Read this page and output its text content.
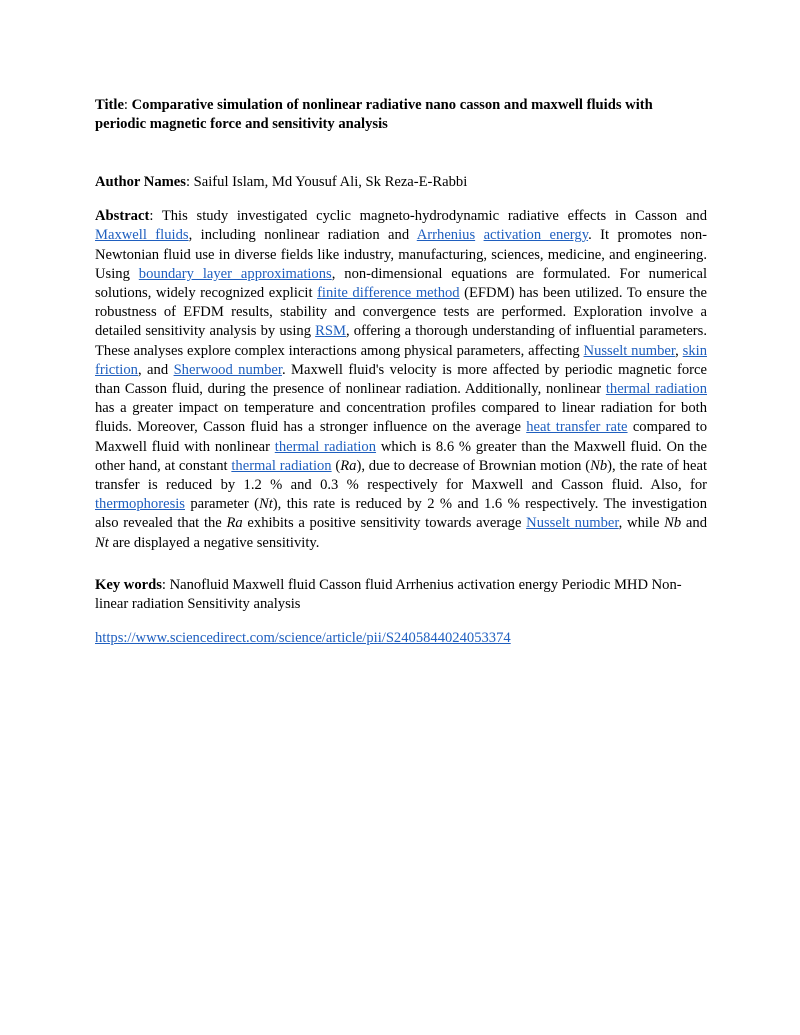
Title: Comparative simulation of nonlinear radiative nano casson and maxwell fluids with periodic magnetic force and sensitivity analysis

Author Names: Saiful Islam, Md Yousuf Ali, Sk Reza-E-Rabbi

Abstract: This study investigated cyclic magneto-hydrodynamic radiative effects in Casson and Maxwell fluids, including nonlinear radiation and Arrhenius activation energy. It promotes non-Newtonian fluid use in diverse fields like industry, manufacturing, sciences, medicine, and engineering. Using boundary layer approximations, non-dimensional equations are formulated. For numerical solutions, widely recognized explicit finite difference method (EFDM) has been utilized. To ensure the robustness of EFDM results, stability and convergence tests are performed. Exploration involve a detailed sensitivity analysis by using RSM, offering a thorough understanding of influential parameters. These analyses explore complex interactions among physical parameters, affecting Nusselt number, skin friction, and Sherwood number. Maxwell fluid's velocity is more affected by periodic magnetic force than Casson fluid, during the presence of nonlinear radiation. Additionally, nonlinear thermal radiation has a greater impact on temperature and concentration profiles compared to linear radiation for both fluids. Moreover, Casson fluid has a stronger influence on the average heat transfer rate compared to Maxwell fluid with nonlinear thermal radiation which is 8.6 % greater than the Maxwell fluid. On the other hand, at constant thermal radiation (Ra), due to decrease of Brownian motion (Nb), the rate of heat transfer is reduced by 1.2 % and 0.3 % respectively for Maxwell and Casson fluid. Also, for thermophoresis parameter (Nt), this rate is reduced by 2 % and 1.6 % respectively. The investigation also revealed that the Ra exhibits a positive sensitivity towards average Nusselt number, while Nb and Nt are displayed a negative sensitivity.

Key words: Nanofluid Maxwell fluid Casson fluid Arrhenius activation energy Periodic MHD Non-linear radiation Sensitivity analysis

https://www.sciencedirect.com/science/article/pii/S2405844024053374
